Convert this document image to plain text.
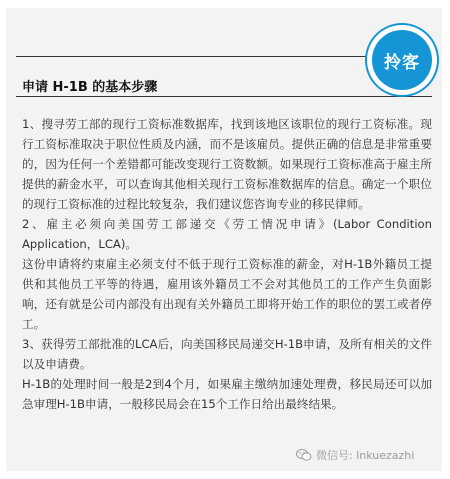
申请 H-1B 的基本步骤
拎客

1、搜寻劳工部的现行工资标准数据库，找到该地区该职位的现行工资标准。现行工资标准取决于职位性质及内涵，而不是该雇员。提供正确的信息是非常重要的，因为任何一个差错都可能改变现行工资数额。如果现行工资标准高于雇主所提供的薪金水平，可以查询其他相关现行工资标准数据库的信息。确定一个职位的现行工资标准的过程比较复杂，我们建议您咨询专业的移民律师。

2、雇主必须向美国劳工部递交《劳工情况申请》(Labor Condition Application，LCA)。

这份申请将约束雇主必须支付不低于现行工资标准的薪金，对H-1B外籍员工提供和其他员工平等的待遇，雇用该外籍员工不会对其他员工的工作产生负面影响，还有就是公司内部没有出现有关外籍员工即将开始工作的职位的罢工或者停工。

3、获得劳工部批准的LCA后，向美国移民局递交H-1B申请，及所有相关的文件以及申请费。

H-1B的处理时间一般是2到4个月，如果雇主缴纳加速处理费，移民局还可以加急审理H-1B申请，一般移民局会在15个工作日给出最终结果。

微信号: lnkuezazhi
